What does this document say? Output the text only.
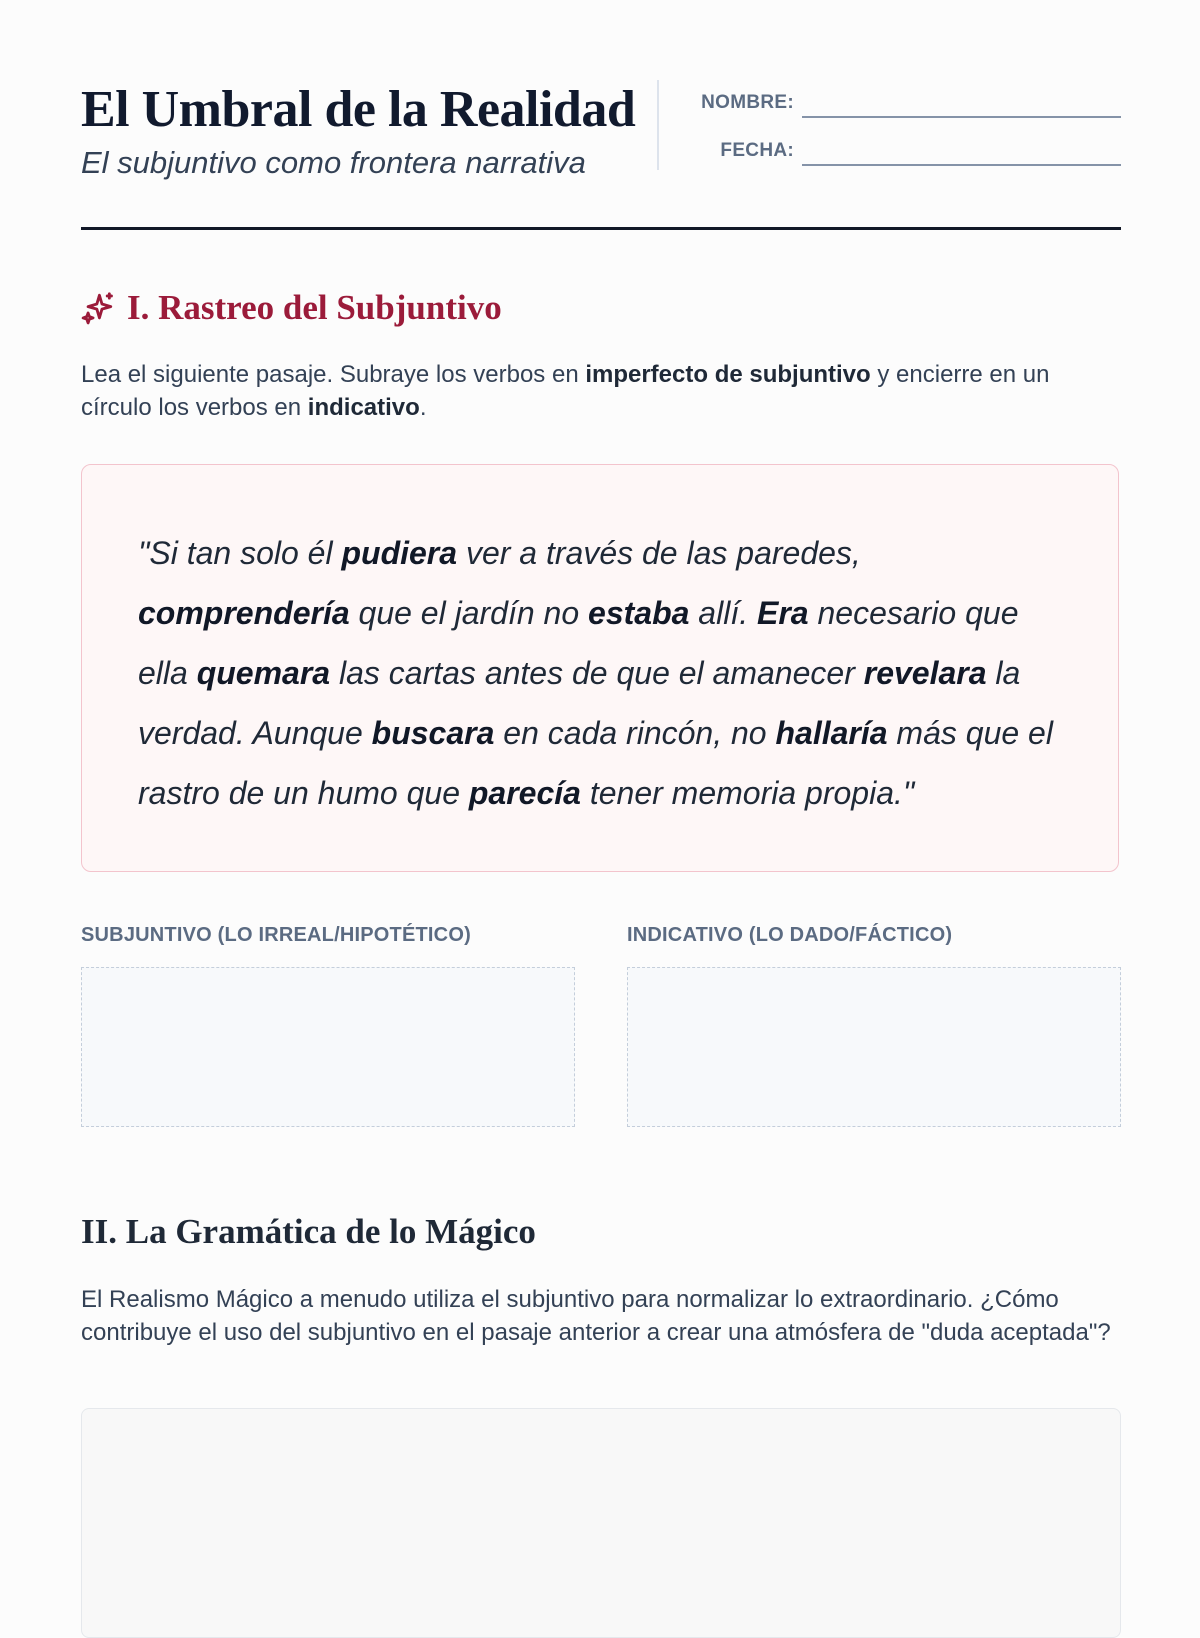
El Umbral de la Realidad
El subjuntivo como frontera narrativa
NOMBRE:
FECHA:
I. Rastreo del Subjuntivo

Lea el siguiente pasaje. Subraye los verbos en imperfecto de subjuntivo y encierre en un círculo los verbos en indicativo.

"Si tan solo él pudiera ver a través de las paredes, comprendería que el jardín no estaba allí. Era necesario que ella quemara las cartas antes de que el amanecer revelara la verdad. Aunque buscara en cada rincón, no hallaría más que el rastro de un humo que parecía tener memoria propia."

SUBJUNTIVO (LO IRREAL/HIPOTÉTICO)	INDICATIVO (LO DADO/FÁCTICO)
II. La Gramática de lo Mágico

El Realismo Mágico a menudo utiliza el subjuntivo para normalizar lo extraordinario. ¿Cómo contribuye el uso del subjuntivo en el pasaje anterior a crear una atmósfera de "duda aceptada"?
